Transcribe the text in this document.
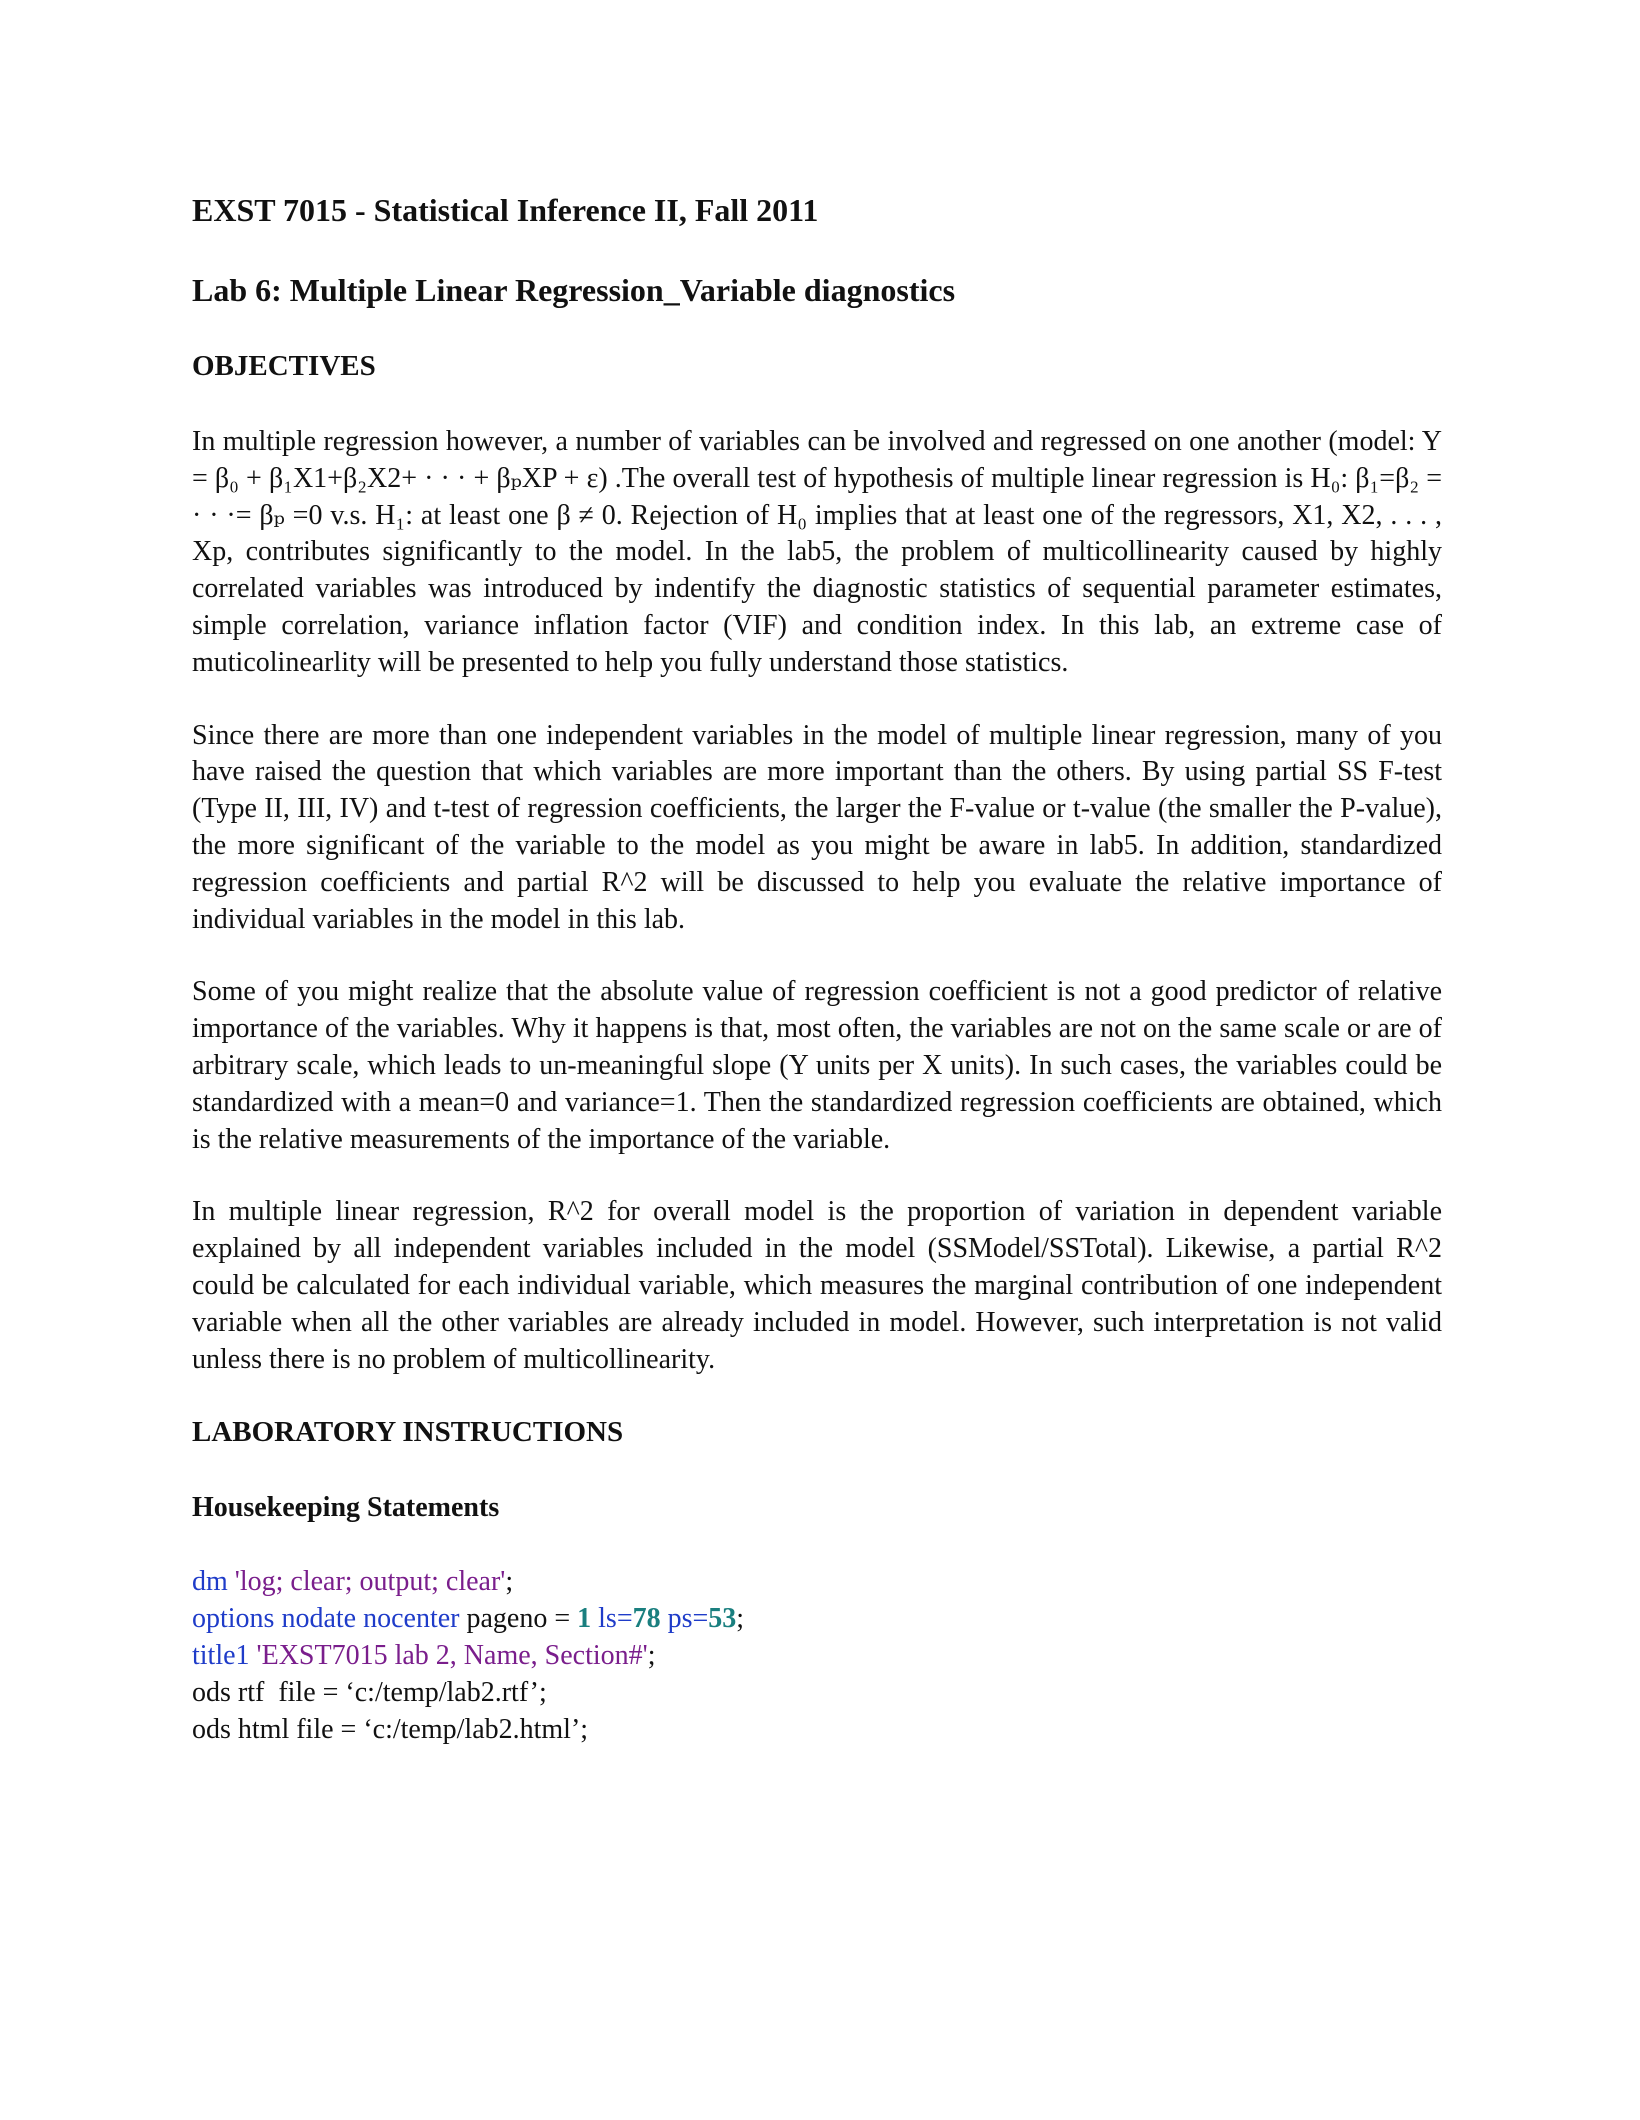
EXST 7015 - Statistical Inference II, Fall 2011
Lab 6: Multiple Linear Regression_Variable diagnostics
OBJECTIVES

In multiple regression however, a number of variables can be involved and regressed on one another (model: Y = β₀ + β₁X1+β₂X2+ · · · + βₚXP + ε) .The overall test of hypothesis of multiple linear regression is H₀: β₁=β₂ = · · ·= βₚ =0 v.s. H₁: at least one β ≠ 0. Rejection of H₀ implies that at least one of the regressors, X1, X2, . . . , Xp, contributes significantly to the model. In the lab5, the problem of multicollinearity caused by highly correlated variables was introduced by indentify the diagnostic statistics of sequential parameter estimates, simple correlation, variance inflation factor (VIF) and condition index. In this lab, an extreme case of muticolinearlity will be presented to help you fully understand those statistics.

Since there are more than one independent variables in the model of multiple linear regression, many of you have raised the question that which variables are more important than the others. By using partial SS F-test (Type II, III, IV) and t-test of regression coefficients, the larger the F-value or t-value (the smaller the P-value), the more significant of the variable to the model as you might be aware in lab5. In addition, standardized regression coefficients and partial R^2 will be discussed to help you evaluate the relative importance of individual variables in the model in this lab.

Some of you might realize that the absolute value of regression coefficient is not a good predictor of relative importance of the variables. Why it happens is that, most often, the variables are not on the same scale or are of arbitrary scale, which leads to un-meaningful slope (Y units per X units). In such cases, the variables could be standardized with a mean=0 and variance=1. Then the standardized regression coefficients are obtained, which is the relative measurements of the importance of the variable.

In multiple linear regression, R^2 for overall model is the proportion of variation in dependent variable explained by all independent variables included in the model (SSModel/SSTotal). Likewise, a partial R^2 could be calculated for each individual variable, which measures the marginal contribution of one independent variable when all the other variables are already included in model. However, such interpretation is not valid unless there is no problem of multicollinearity.

LABORATORY INSTRUCTIONS
Housekeeping Statements
dm 'log; clear; output; clear';
options nodate nocenter pageno = 1 ls=78 ps=53;
title1 'EXST7015 lab 2, Name, Section#';
ods rtf  file = ‘c:/temp/lab2.rtf’;
ods html file = ‘c:/temp/lab2.html’;
